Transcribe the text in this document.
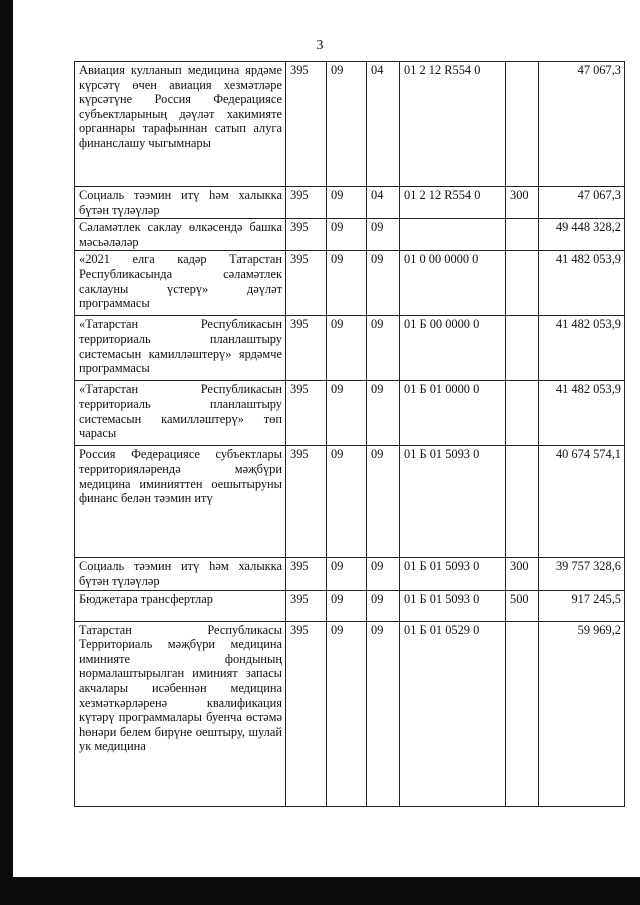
3
Авиация кулланып медицина ярдәме күрсәтү өчен авиация хезмәтләре күрсәтүне Россия Федерациясе субъектларының дәүләт хакимияте органнары тарафыннан сатып алуга финанслашу чыгымнары	395	09	04	01 2 12 R554 0		47 067,3
Социаль тәэмин итү һәм халыкка бүтән түләүләр	395	09	04	01 2 12 R554 0	300	47 067,3
Сәламәтлек саклау өлкәсендә башка мәсьәләләр	395	09	09			49 448 328,2
«2021 елга кадәр Татарстан Республикасында сәламәтлек саклауны үстерү» дәүләт программасы	395	09	09	01 0 00 0000 0		41 482 053,9
«Татарстан Республикасын территориаль планлаштыру системасын камилләштерү» ярдәмче программасы	395	09	09	01 Б 00 0000 0		41 482 053,9
«Татарстан Республикасын территориаль планлаштыру системасын камилләштерү» төп чарасы	395	09	09	01 Б 01 0000 0		41 482 053,9
Россия Федерациясе субъектлары территорияләрендә мәҗбүри медицина иминияттен оешытыруны финанс белән тәэмин итү	395	09	09	01 Б 01 5093 0		40 674 574,1
Социаль тәэмин итү һәм халыкка бүтән түләүләр	395	09	09	01 Б 01 5093 0	300	39 757 328,6
Бюджетара трансфертлар	395	09	09	01 Б 01 5093 0	500	917 245,5
Татарстан Республикасы Территориаль мәҗбүри медицина иминияте фондының нормалаштырылган иминият запасы акчалары исәбеннән медицина хезмәткәрләренә квалификация күтәрү программалары буенча өстәмә һөнәри белем бирүне оештыру, шулай ук медицина	395	09	09	01 Б 01 0529 0		59 969,2
